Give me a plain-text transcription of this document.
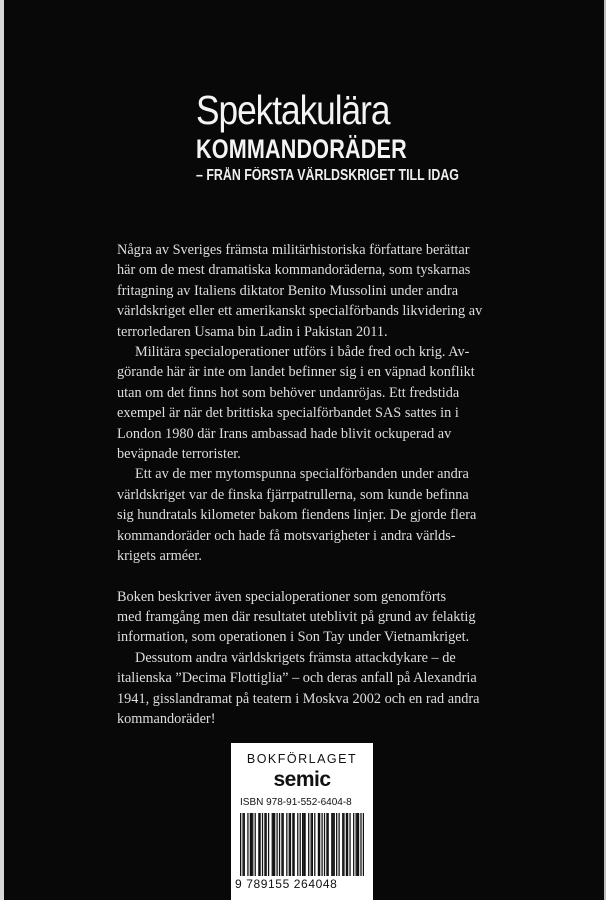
Spektakulära
KOMMANDORÄDER
– FRÅN FÖRSTA VÄRLDSKRIGET TILL IDAG

Några av Sveriges främsta militärhistoriska författare berättar
här om de mest dramatiska kommandoräderna, som tyskarnas
fritagning av Italiens diktator Benito Mussolini under andra
världskriget eller ett amerikanskt specialförbands likvidering av
terrorledaren Usama bin Ladin i Pakistan 2011.

Militära specialoperationer utförs i både fred och krig. Av-
görande här är inte om landet befinner sig i en väpnad konflikt
utan om det finns hot som behöver undanröjas. Ett fredstida
exempel är när det brittiska specialförbandet SAS sattes in i
London 1980 där Irans ambassad hade blivit ockuperad av
beväpnade terrorister.

Ett av de mer mytomspunna specialförbanden under andra
världskriget var de finska fjärrpatrullerna, som kunde befinna
sig hundratals kilometer bakom fiendens linjer. De gjorde flera
kommandoräder och hade få motsvarigheter i andra världs-
krigets arméer.

Boken beskriver även specialoperationer som genomförts
med framgång men där resultatet uteblivit på grund av felaktig
information, som operationen i Son Tay under Vietnamkriget.

Dessutom andra världskrigets främsta attackdykare – de
italienska ”Decima Flottiglia” – och deras anfall på Alexandria
1941, gisslandramat på teatern i Moskva 2002 och en rad andra
kommandoräder!

BOKFÖRLAGET
semic
ISBN 978-91-552-6404-8
9 789155 264048
